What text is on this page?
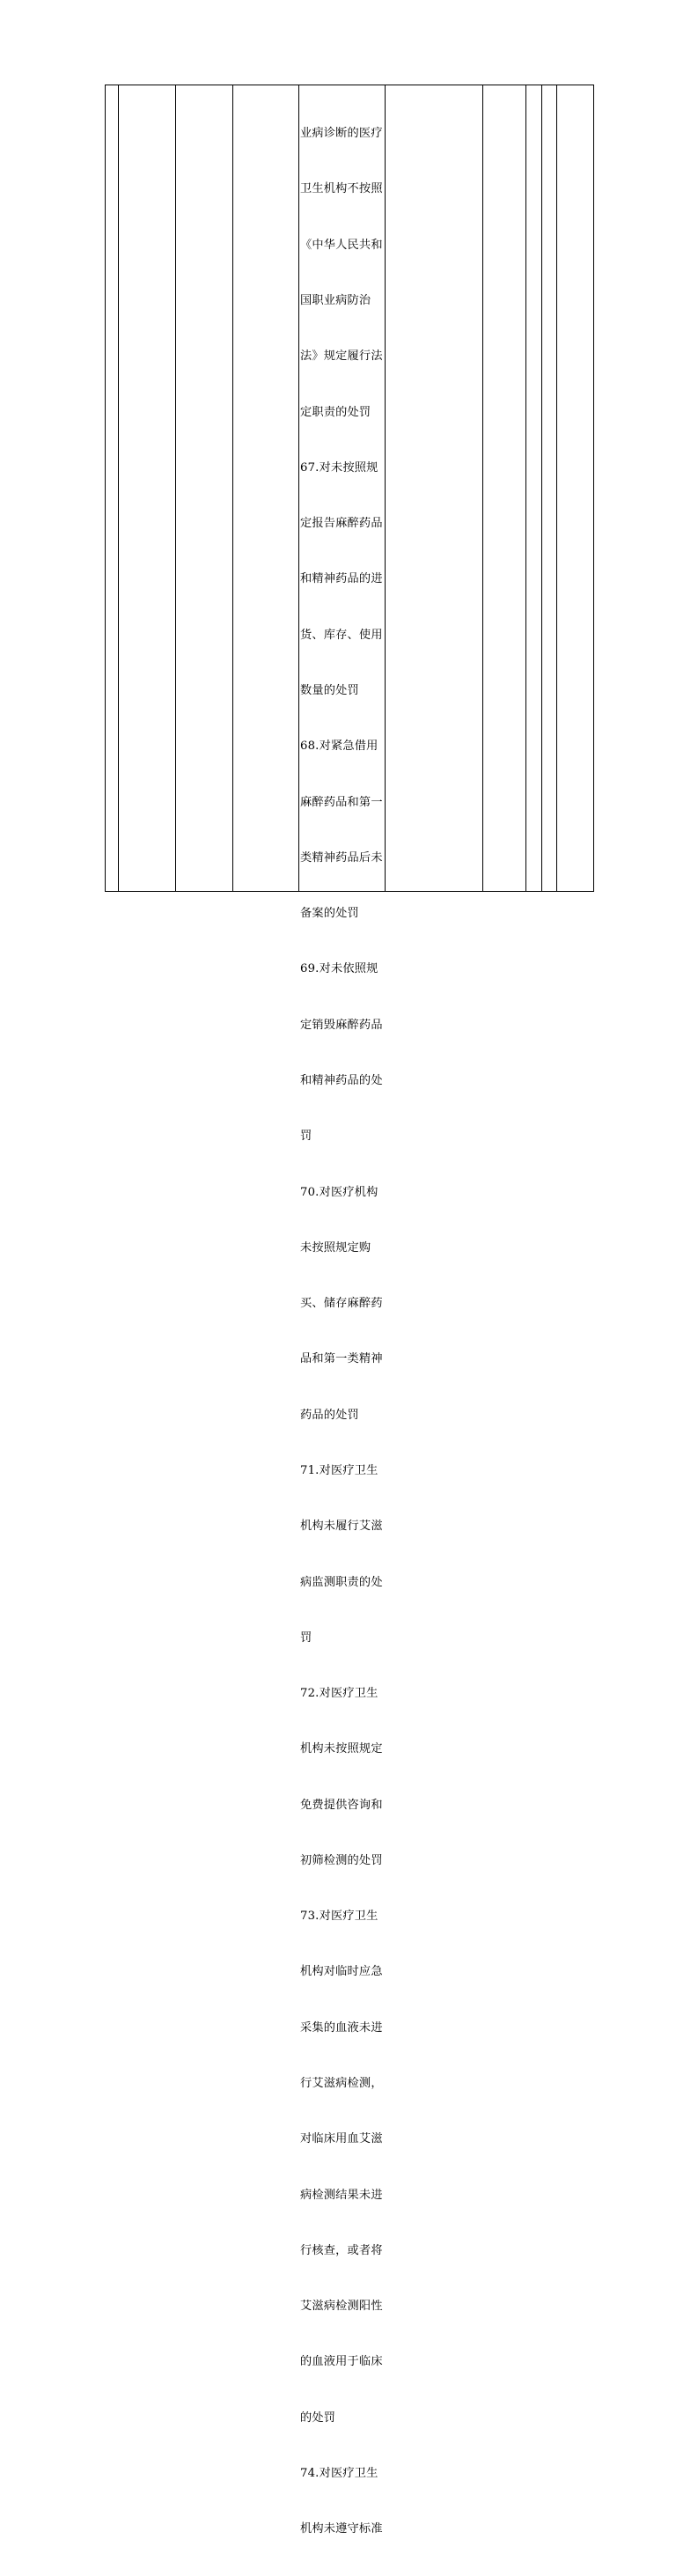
业病诊断的医疗

卫生机构不按照

《中华人民共和

国职业病防治

法》规定履行法

定职责的处罚

67.对未按照规

定报告麻醉药品

和精神药品的进

货、库存、使用

数量的处罚

68.对紧急借用

麻醉药品和第一

类精神药品后未

备案的处罚

69.对未依照规

定销毁麻醉药品

和精神药品的处

罚

70.对医疗机构

未按照规定购

买、储存麻醉药

品和第一类精神

药品的处罚

71.对医疗卫生

机构未履行艾滋

病监测职责的处

罚

72.对医疗卫生

机构未按照规定

免费提供咨询和

初筛检测的处罚

73.对医疗卫生

机构对临时应急

采集的血液未进

行艾滋病检测，

对临床用血艾滋

病检测结果未进

行核查，或者将

艾滋病检测阳性

的血液用于临床

的处罚

74.对医疗卫生

机构未遵守标准
